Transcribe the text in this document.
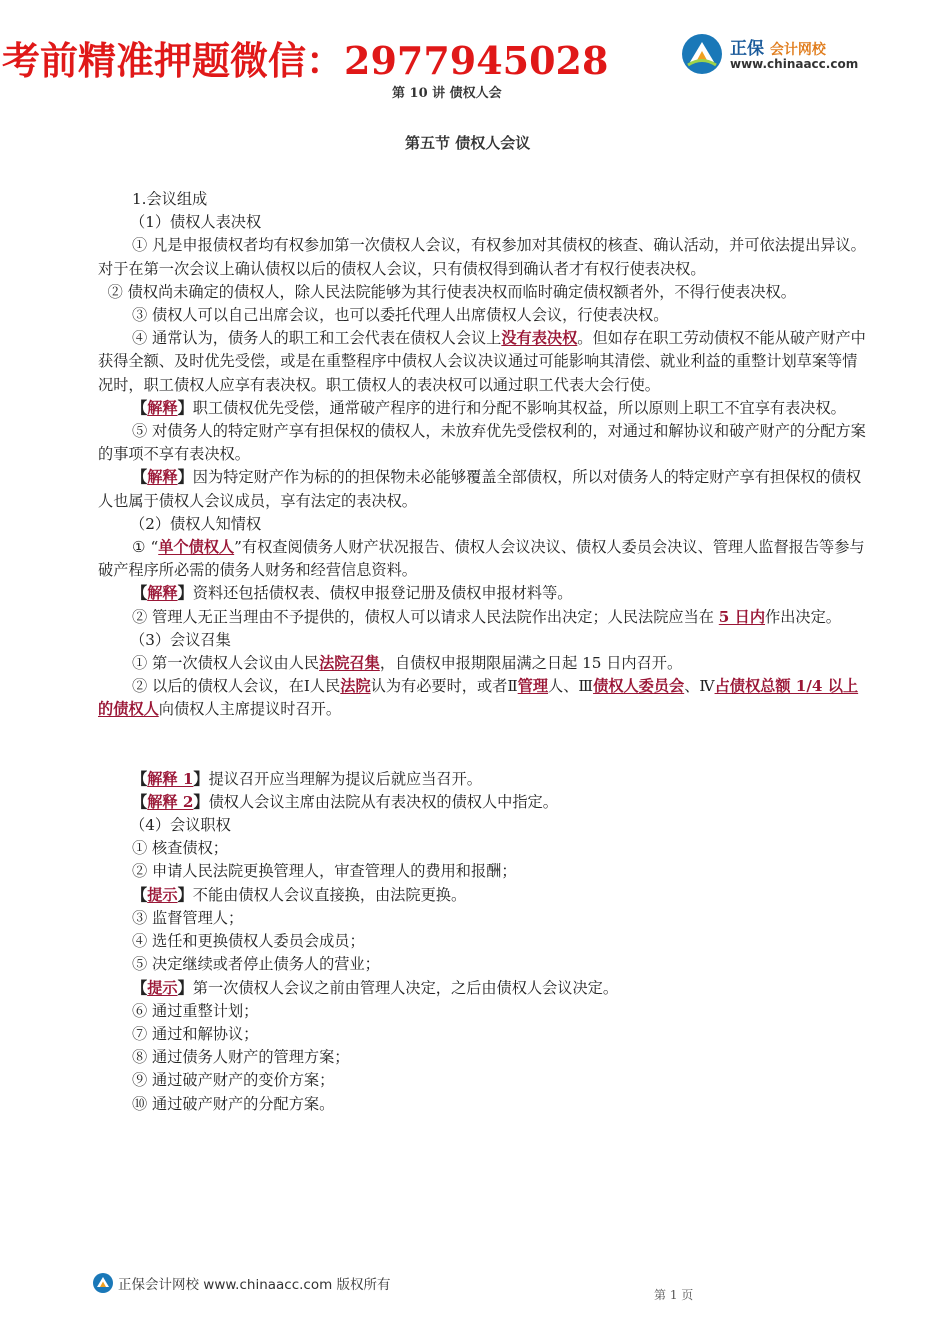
考前精准押题微信：2977945028	正保 会计网校
www.chinaacc.com
第 10 讲 债权人会
第五节 债权人会议

1.会议组成

（1）债权人表决权

① 凡是申报债权者均有权参加第一次债权人会议，有权参加对其债权的核查、确认活动，并可依法提出异议。对于在第一次会议上确认债权以后的债权人会议，只有债权得到确认者才有权行使表决权。

② 债权尚未确定的债权人，除人民法院能够为其行使表决权而临时确定债权额者外，不得行使表决权。

③ 债权人可以自己出席会议，也可以委托代理人出席债权人会议，行使表决权。

④ 通常认为，债务人的职工和工会代表在债权人会议上没有表决权。但如存在职工劳动债权不能从破产财产中获得全额、及时优先受偿，或是在重整程序中债权人会议决议通过可能影响其清偿、就业利益的重整计划草案等情况时，职工债权人应享有表决权。职工债权人的表决权可以通过职工代表大会行使。

【解释】职工债权优先受偿，通常破产程序的进行和分配不影响其权益，所以原则上职工不宜享有表决权。

⑤ 对债务人的特定财产享有担保权的债权人，未放弃优先受偿权利的，对通过和解协议和破产财产的分配方案的事项不享有表决权。

【解释】因为特定财产作为标的的担保物未必能够覆盖全部债权，所以对债务人的特定财产享有担保权的债权人也属于债权人会议成员，享有法定的表决权。

（2）债权人知情权

① “单个债权人”有权查阅债务人财产状况报告、债权人会议决议、债权人委员会决议、管理人监督报告等参与破产程序所必需的债务人财务和经营信息资料。

【解释】资料还包括债权表、债权申报登记册及债权申报材料等。

② 管理人无正当理由不予提供的，债权人可以请求人民法院作出决定；人民法院应当在 5 日内作出决定。

（3）会议召集

① 第一次债权人会议由人民法院召集，自债权申报期限届满之日起 15 日内召开。

② 以后的债权人会议，在Ⅰ人民法院认为有必要时，或者Ⅱ管理人、Ⅲ债权人委员会、Ⅳ占债权总额 1/4 以上的债权人向债权人主席提议时召开。

【解释 1】提议召开应当理解为提议后就应当召开。

【解释 2】债权人会议主席由法院从有表决权的债权人中指定。

（4）会议职权

① 核查债权；

② 申请人民法院更换管理人，审查管理人的费用和报酬；

【提示】不能由债权人会议直接换，由法院更换。

③ 监督管理人；

④ 选任和更换债权人委员会成员；

⑤ 决定继续或者停止债务人的营业；

【提示】第一次债权人会议之前由管理人决定，之后由债权人会议决定。

⑥ 通过重整计划；

⑦ 通过和解协议；

⑧ 通过债务人财产的管理方案；

⑨ 通过破产财产的变价方案；

⑩ 通过破产财产的分配方案。

正保会计网校 www.chinaacc.com 版权所有
第 1 页
